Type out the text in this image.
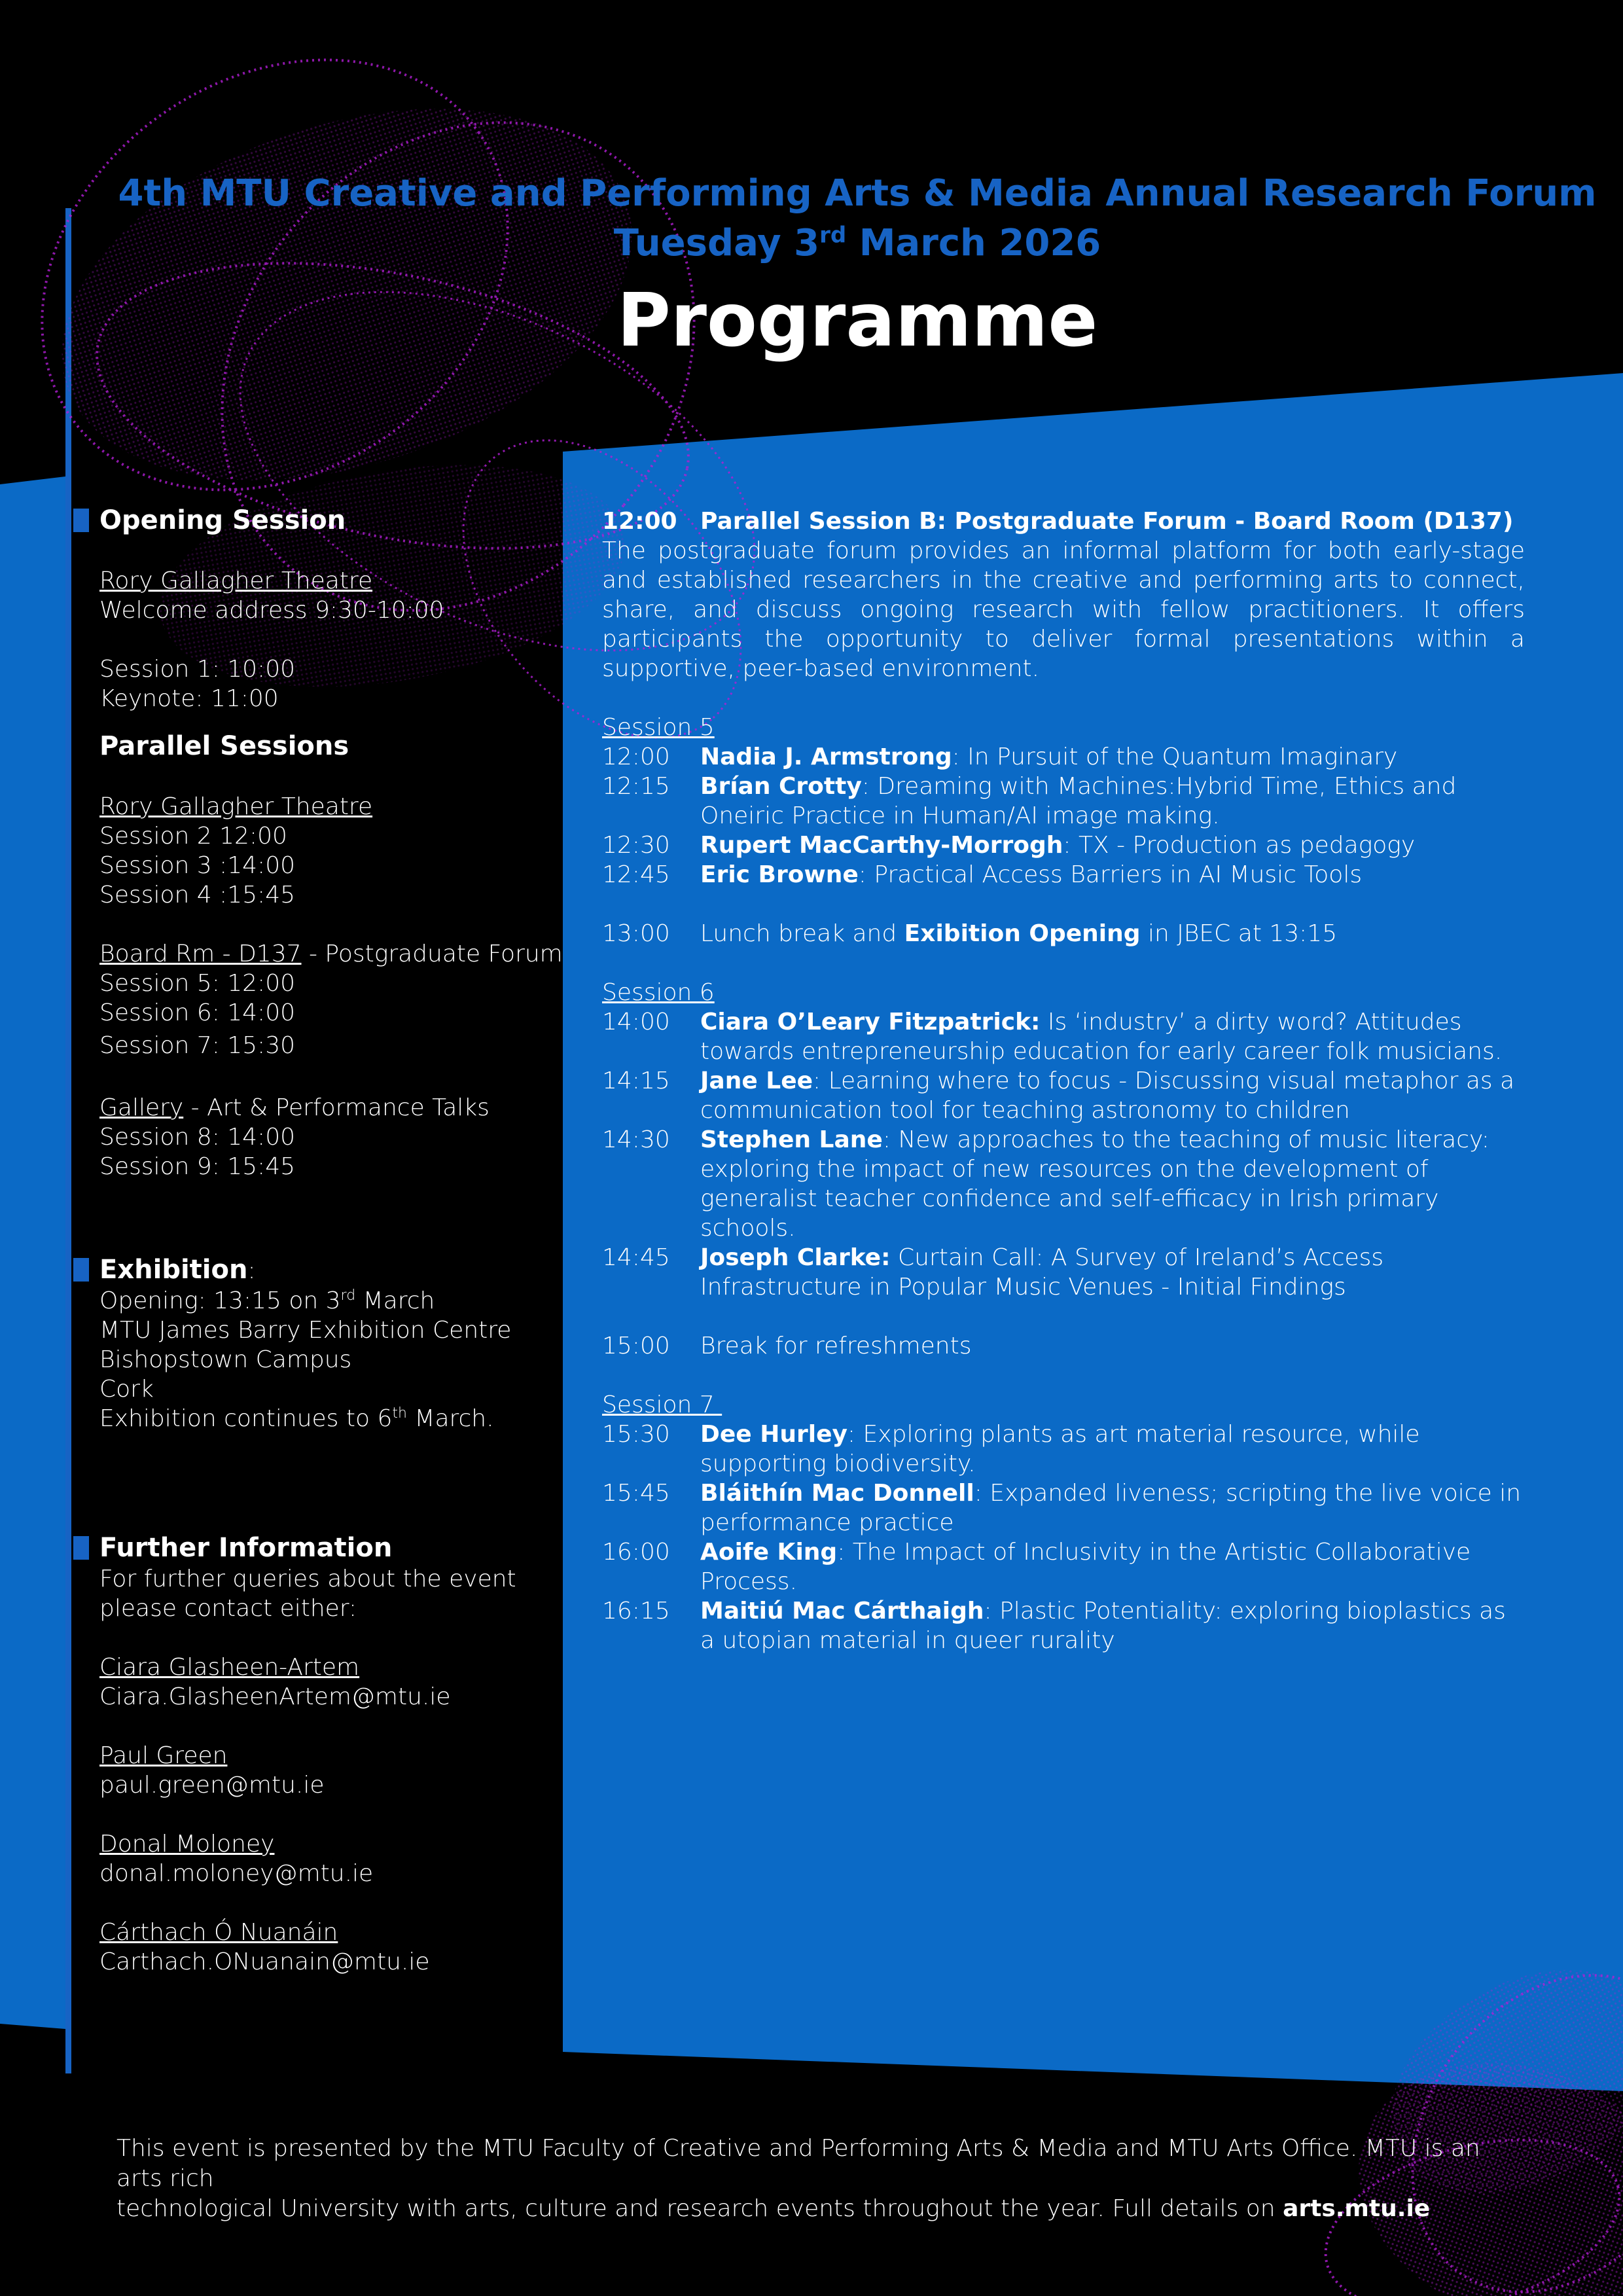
4th MTU Creative and Performing Arts & Media Annual Research Forum
Tuesday 3rd March 2026
Programme
Opening Session
Rory Gallagher Theatre
Welcome address 9:30-10:00
Session 1: 10:00
Keynote: 11:00
Parallel Sessions
Rory Gallagher Theatre
Session 2 12:00
Session 3 :14:00
Session 4 :15:45
Board Rm - D137 - Postgraduate Forum
Session 5: 12:00
Session 6: 14:00
Session 7: 15:30
Gallery - Art & Performance Talks
Session 8: 14:00
Session 9: 15:45
Exhibition:
Opening: 13:15 on 3rd March
MTU James Barry Exhibition Centre
Bishopstown Campus
Cork
Exhibition continues to 6th March.
Further Information
For further queries about the event
please contact either:
Ciara Glasheen-Artem
Ciara.GlasheenArtem@mtu.ie
Paul Green
paul.green@mtu.ie
Donal Moloney
donal.moloney@mtu.ie
Cárthach Ó Nuanáin
Carthach.ONuanain@mtu.ie
12:00 Parallel Session B: Postgraduate Forum - Board Room (D137)
The postgraduate forum provides an informal platform for both early-stage and established researchers in the creative and performing arts to connect, share, and discuss ongoing research with fellow practitioners. It offers participants the opportunity to deliver formal presentations within a supportive, peer-based environment.
Session 5
12:00	Nadia J. Armstrong: In Pursuit of the Quantum Imaginary
12:15	Brían Crotty: Dreaming with Machines:Hybrid Time, Ethics and Oneiric Practice in Human/AI image making.
12:30	Rupert MacCarthy-Morrogh: TX - Production as pedagogy
12:45	Eric Browne: Practical Access Barriers in AI Music Tools
13:00	Lunch break and Exibition Opening in JBEC at 13:15
Session 6
14:00	Ciara O’Leary Fitzpatrick: Is ‘industry’ a dirty word? Attitudes towards entrepreneurship education for early career folk musicians.
14:15	Jane Lee: Learning where to focus - Discussing visual metaphor as a communication tool for teaching astronomy to children
14:30	Stephen Lane: New approaches to the teaching of music literacy: exploring the impact of new resources on the development of generalist teacher confidence and self-efficacy in Irish primary schools.
14:45	Joseph Clarke: Curtain Call: A Survey of Ireland’s Access Infrastructure in Popular Music Venues - Initial Findings
15:00	Break for refreshments
Session 7
15:30	Dee Hurley: Exploring plants as art material resource, while supporting biodiversity.
15:45	Bláithín Mac Donnell: Expanded liveness; scripting the live voice in performance practice
16:00	Aoife King: The Impact of Inclusivity in the Artistic Collaborative Process.
16:15	Maitiú Mac Cárthaigh: Plastic Potentiality: exploring bioplastics as a utopian material in queer rurality
This event is presented by the MTU Faculty of Creative and Performing Arts & Media and MTU Arts Office. MTU is an arts rich
technological University with arts, culture and research events throughout the year. Full details on arts.mtu.ie
